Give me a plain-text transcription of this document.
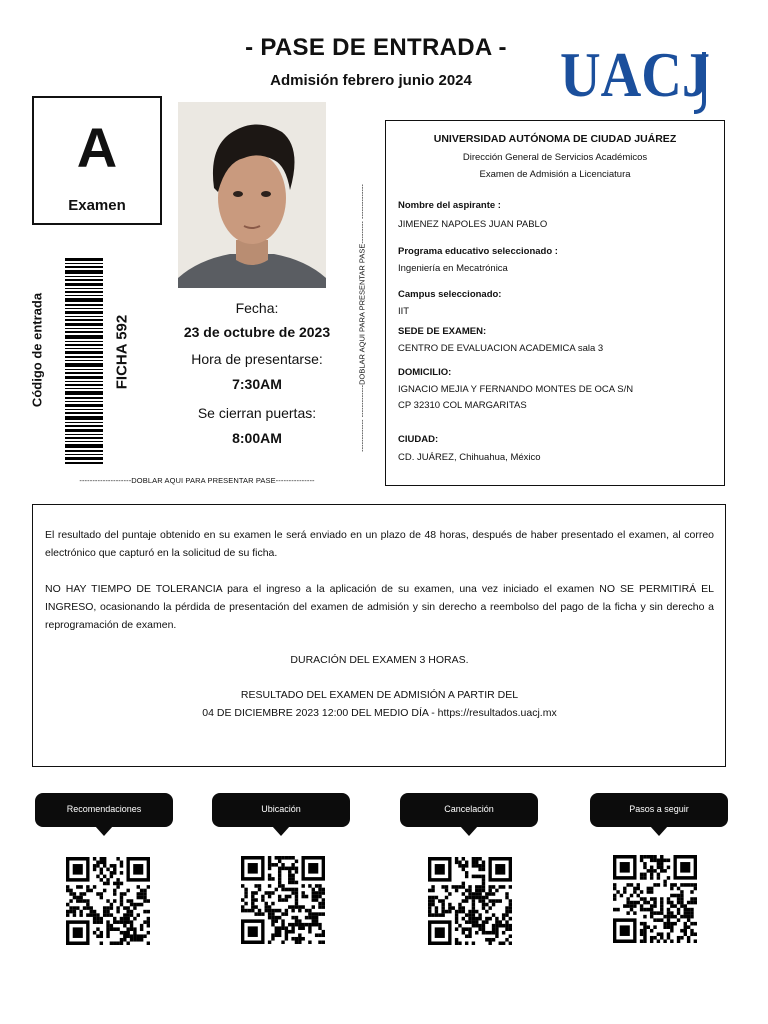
- PASE DE ENTRADA -
Admisión febrero junio 2024	UACJ
A
Examen
Código de entrada	FICHA 592
Fecha:
23 de octubre de 2023
Hora de presentarse:
7:30AM
Se cierran puertas:
8:00AM
--------------------DOBLAR AQUI PARA PRESENTAR PASE---------------
------------- -------------DOBLAR AQUI PARA PRESENTAR PASE--------- --------------
UNIVERSIDAD AUTÓNOMA DE CIUDAD JUÁREZ
Dirección General de Servicios Académicos
Examen de Admisión a Licenciatura
Nombre del aspirante :
JIMENEZ NAPOLES JUAN PABLO
Programa educativo seleccionado :
Ingeniería en Mecatrónica
Campus seleccionado:
IIT
SEDE DE EXAMEN:
CENTRO DE EVALUACION ACADEMICA sala 3
DOMICILIO:
IGNACIO MEJIA Y FERNANDO MONTES DE OCA S/N CP 32310 COL MARGARITAS
CIUDAD:
CD. JUÁREZ, Chihuahua, México

El resultado del puntaje obtenido en su examen le será enviado en un plazo de 48 horas, después de haber presentado el examen, al correo electrónico que capturó en la solicitud de su ficha.

NO HAY TIEMPO DE TOLERANCIA para el ingreso a la aplicación de su examen, una vez iniciado el examen NO SE PERMITIRÁ EL INGRESO, ocasionando la pérdida de presentación del examen de admisión y sin derecho a reembolso del pago de la ficha y sin derecho a reprogramación de examen.

DURACIÓN DEL EXAMEN 3 HORAS.

RESULTADO DEL EXAMEN DE ADMISIÓN A PARTIR DEL

04 DE DICIEMBRE 2023 12:00 DEL MEDIO DÍA - https://resultados.uacj.mx

Recomendaciones	Ubicación	Cancelación	Pasos a seguir
